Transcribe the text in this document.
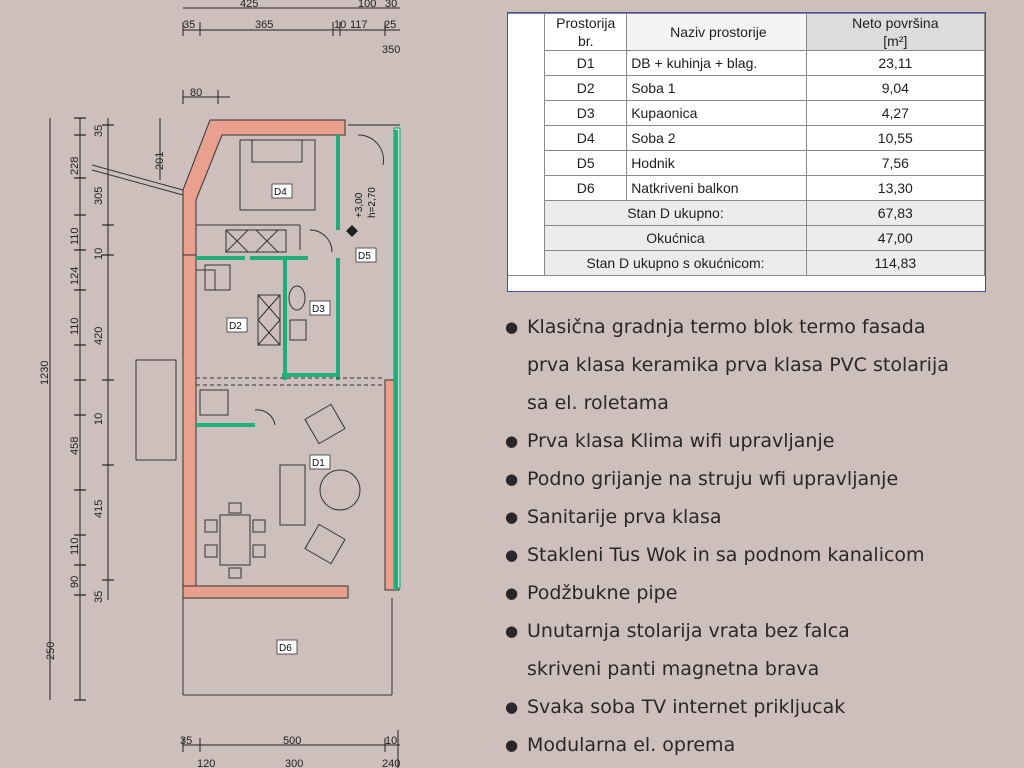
425
35	365	10 117 25
100 30
350
80
201
35
228
305
110
10
124
110
420
10
458
415
110
90
35
250
1230
D4
D5
D2
D3
D1
D6
+3,00 h=2,70
35	500	10
120	300	240
	Prostorija
br.	Naziv prostorije	Neto površina
[m²]
	D1	DB + kuhinja + blag.	23,11
	D2	Soba 1	9,04
	D3	Kupaonica	4,27
	D4	Soba 2	10,55
	D5	Hodnik	7,56
	D6	Natkriveni balkon	13,30
	Stan D ukupno:		67,83
	Okućnica		47,00
	Stan D ukupno s okućnicom:		114,83
● Klasična gradnja termo blok termo fasada
prva klasa keramika prva klasa PVC stolarija
sa el. roletama
● Prva klasa Klima wifi upravljanje
● Podno grijanje na struju wfi upravljanje
● Sanitarije prva klasa
● Stakleni Tus Wok in sa podnom kanalicom
● Podžbukne pipe
● Unutarnja stolarija vrata bez falca
skriveni panti magnetna brava
● Svaka soba TV internet prikljucak
● Modularna el. oprema
